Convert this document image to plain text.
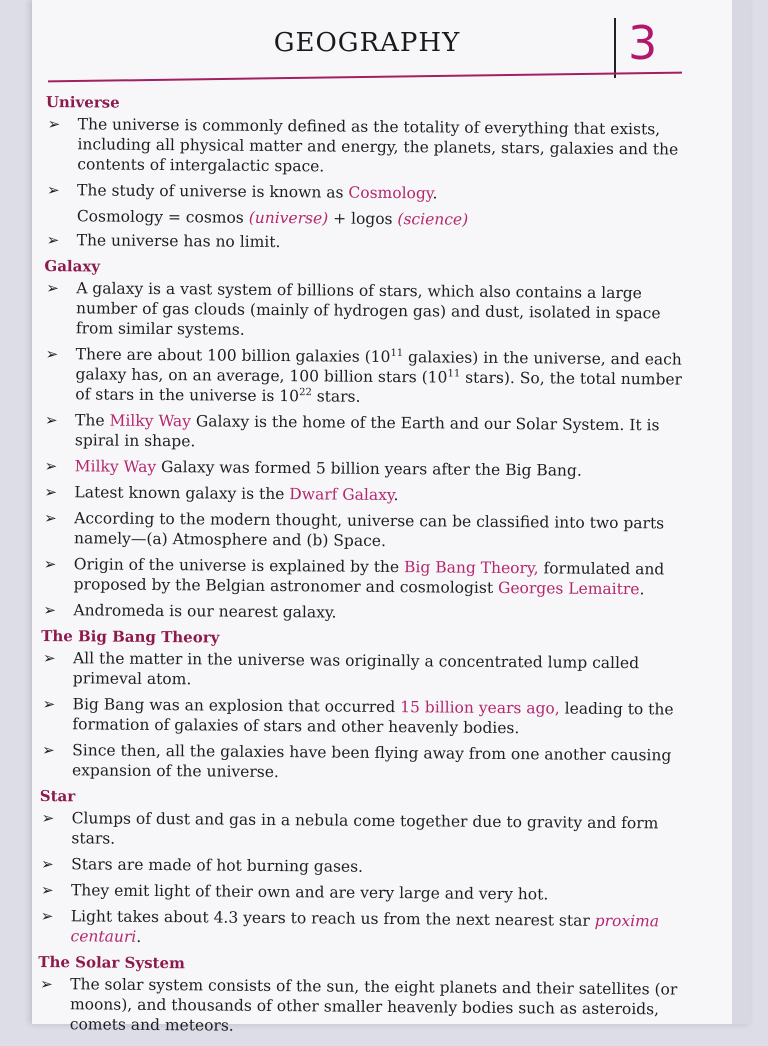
GEOGRAPHY	3
Universe
➢ The universe is commonly defined as the totality of everything that exists, including all physical matter and energy, the planets, stars, galaxies and the contents of intergalactic space.
➢ The study of universe is known as Cosmology.
Cosmology = cosmos (universe) + logos (science)
➢ The universe has no limit.
Galaxy
➢ A galaxy is a vast system of billions of stars, which also contains a large number of gas clouds (mainly of hydrogen gas) and dust, isolated in space from similar systems.
➢ There are about 100 billion galaxies ($10^{11}$ galaxies) in the universe, and each galaxy has, on an average, 100 billion stars ($10^{11}$ stars). So, the total number of stars in the universe is $10^{22}$ stars.
➢ The Milky Way Galaxy is the home of the Earth and our Solar System. It is spiral in shape.
➢ Milky Way Galaxy was formed 5 billion years after the Big Bang.
➢ Latest known galaxy is the Dwarf Galaxy.
➢ According to the modern thought, universe can be classified into two parts namely—(a) Atmosphere and (b) Space.
➢ Origin of the universe is explained by the Big Bang Theory, formulated and proposed by the Belgian astronomer and cosmologist Georges Lemaitre.
➢ Andromeda is our nearest galaxy.
The Big Bang Theory
➢ All the matter in the universe was originally a concentrated lump called primeval atom.
➢ Big Bang was an explosion that occurred 15 billion years ago, leading to the formation of galaxies of stars and other heavenly bodies.
➢ Since then, all the galaxies have been flying away from one another causing expansion of the universe.
Star
➢ Clumps of dust and gas in a nebula come together due to gravity and form stars.
➢ Stars are made of hot burning gases.
➢ They emit light of their own and are very large and very hot.
➢ Light takes about 4.3 years to reach us from the next nearest star proxima centauri.
The Solar System
➢ The solar system consists of the sun, the eight planets and their satellites (or moons), and thousands of other smaller heavenly bodies such as asteroids, comets and meteors.
